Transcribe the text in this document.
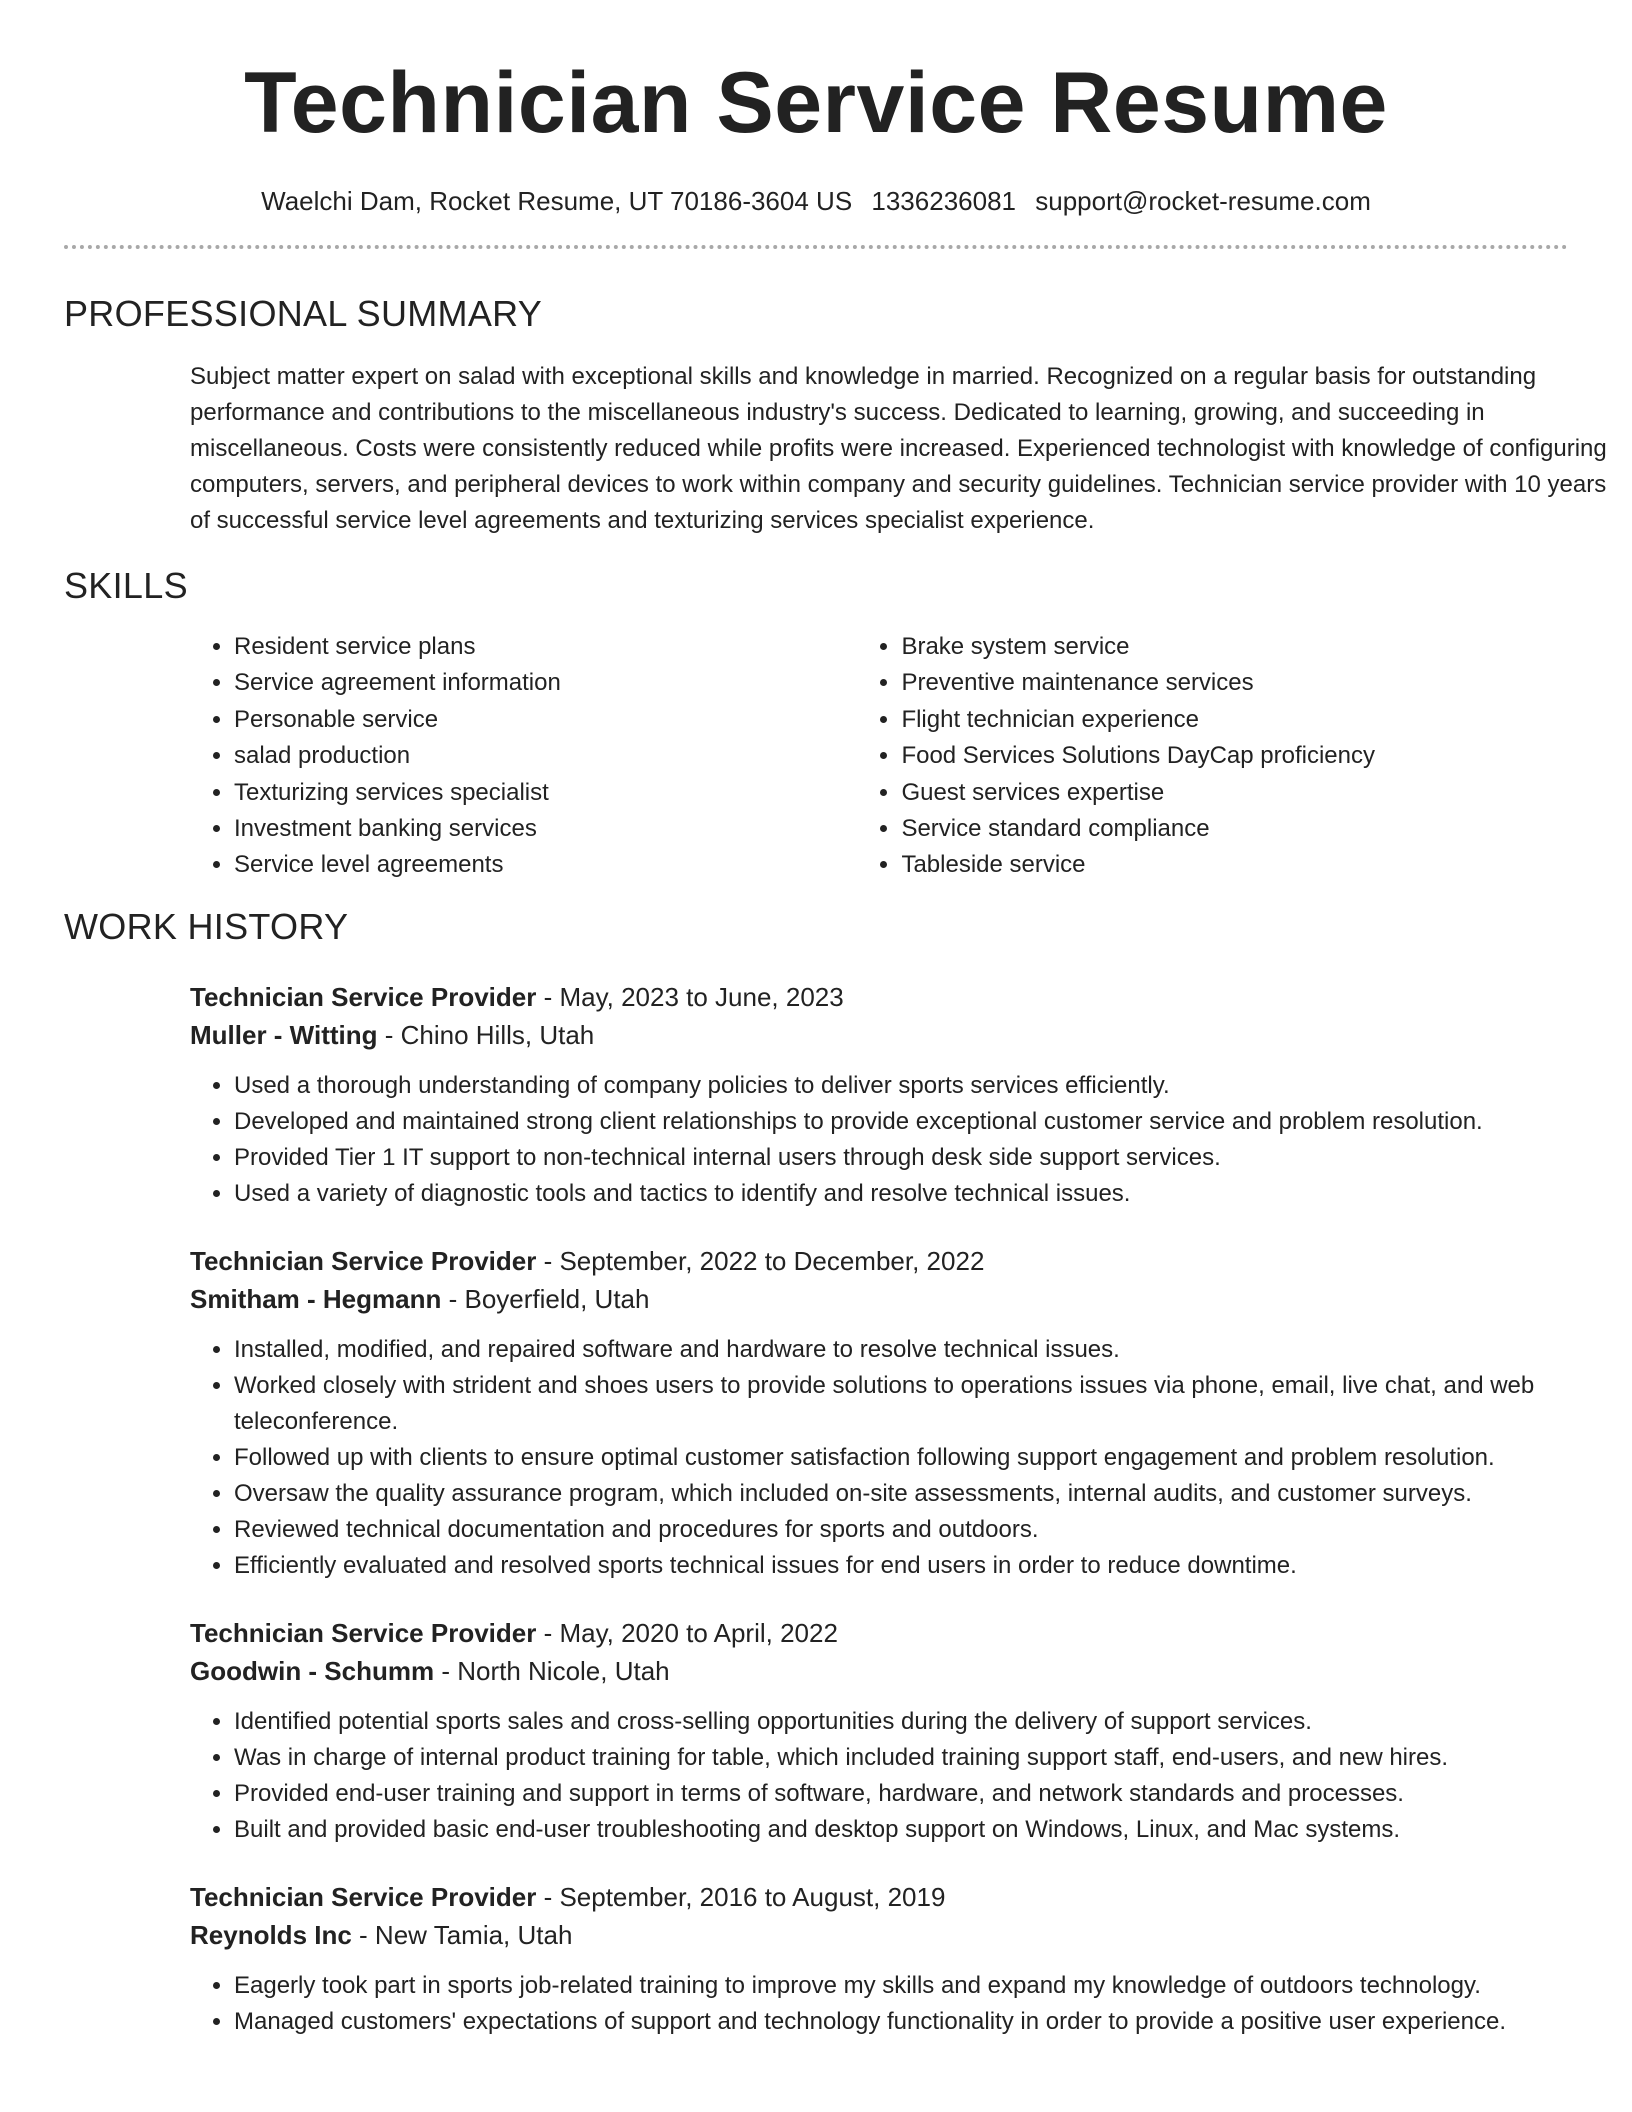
Technician Service Resume
Waelchi Dam, Rocket Resume, UT 70186-3604 US 1336236081 support@rocket-resume.com
PROFESSIONAL SUMMARY

Subject matter expert on salad with exceptional skills and knowledge in married. Recognized on a regular basis for outstanding performance and contributions to the miscellaneous industry's success. Dedicated to learning, growing, and succeeding in miscellaneous. Costs were consistently reduced while profits were increased. Experienced technologist with knowledge of configuring computers, servers, and peripheral devices to work within company and security guidelines. Technician service provider with 10 years of successful service level agreements and texturizing services specialist experience.

SKILLS
• Resident service plans
• Service agreement information
• Personable service
• salad production
• Texturizing services specialist
• Investment banking services
• Service level agreements
• Brake system service
• Preventive maintenance services
• Flight technician experience
• Food Services Solutions DayCap proficiency
• Guest services expertise
• Service standard compliance
• Tableside service
WORK HISTORY
Technician Service Provider - May, 2023 to June, 2023
Muller - Witting - Chino Hills, Utah
• Used a thorough understanding of company policies to deliver sports services efficiently.
• Developed and maintained strong client relationships to provide exceptional customer service and problem resolution.
• Provided Tier 1 IT support to non-technical internal users through desk side support services.
• Used a variety of diagnostic tools and tactics to identify and resolve technical issues.
Technician Service Provider - September, 2022 to December, 2022
Smitham - Hegmann - Boyerfield, Utah
• Installed, modified, and repaired software and hardware to resolve technical issues.
• Worked closely with strident and shoes users to provide solutions to operations issues via phone, email, live chat, and web teleconference.
• Followed up with clients to ensure optimal customer satisfaction following support engagement and problem resolution.
• Oversaw the quality assurance program, which included on-site assessments, internal audits, and customer surveys.
• Reviewed technical documentation and procedures for sports and outdoors.
• Efficiently evaluated and resolved sports technical issues for end users in order to reduce downtime.
Technician Service Provider - May, 2020 to April, 2022
Goodwin - Schumm - North Nicole, Utah
• Identified potential sports sales and cross-selling opportunities during the delivery of support services.
• Was in charge of internal product training for table, which included training support staff, end-users, and new hires.
• Provided end-user training and support in terms of software, hardware, and network standards and processes.
• Built and provided basic end-user troubleshooting and desktop support on Windows, Linux, and Mac systems.
Technician Service Provider - September, 2016 to August, 2019
Reynolds Inc - New Tamia, Utah
• Eagerly took part in sports job-related training to improve my skills and expand my knowledge of outdoors technology.
• Managed customers' expectations of support and technology functionality in order to provide a positive user experience.
